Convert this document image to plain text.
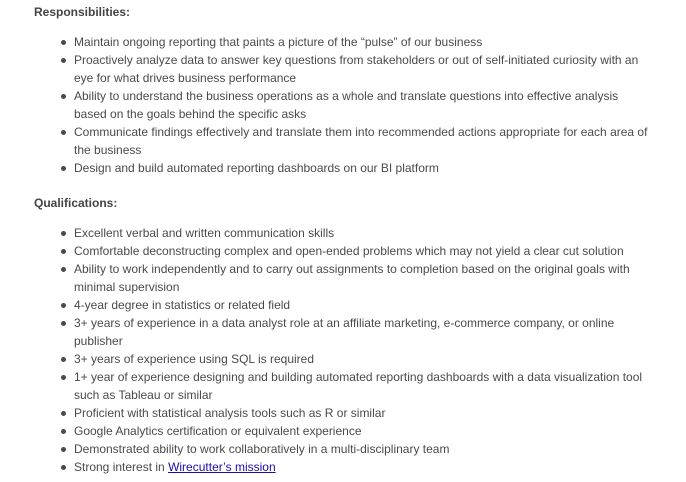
Responsibilities:

Maintain ongoing reporting that paints a picture of the “pulse” of our business
Proactively analyze data to answer key questions from stakeholders or out of self-initiated curiosity with an eye for what drives business performance
Ability to understand the business operations as a whole and translate questions into effective analysis based on the goals behind the specific asks
Communicate findings effectively and translate them into recommended actions appropriate for each area of the business
Design and build automated reporting dashboards on our BI platform

Qualifications:

Excellent verbal and written communication skills
Comfortable deconstructing complex and open-ended problems which may not yield a clear cut solution
Ability to work independently and to carry out assignments to completion based on the original goals with minimal supervision
4-year degree in statistics or related field
3+ years of experience in a data analyst role at an affiliate marketing, e-commerce company, or online publisher
3+ years of experience using SQL is required
1+ year of experience designing and building automated reporting dashboards with a data visualization tool such as Tableau or similar
Proficient with statistical analysis tools such as R or similar
Google Analytics certification or equivalent experience
Demonstrated ability to work collaboratively in a multi-disciplinary team
Strong interest in Wirecutter’s mission
